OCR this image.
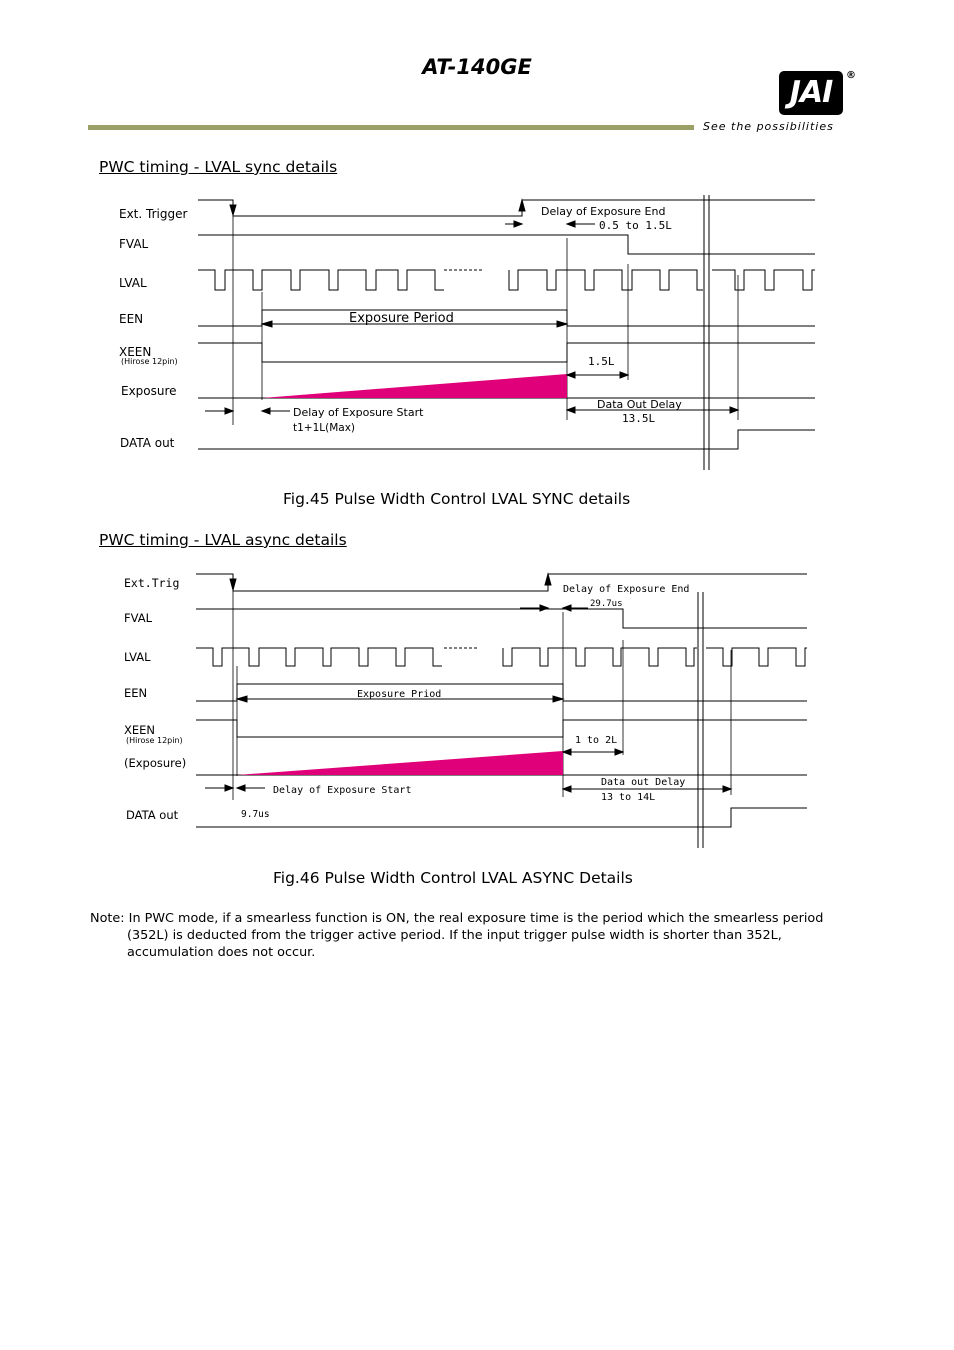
AT-140GE
JAI	®
See the possibilities
PWC timing - LVAL sync details
Ext. Trigger
FVAL
LVAL
EEN
XEEN
Exposure
DATA out
(Hirose 12pin)
Exposure Period
Delay of Exposure End
0.5 to 1.5L
1.5L
Delay of Exposure Start
t1+1L(Max)
Data Out Delay
13.5L
Fig.45 Pulse Width Control LVAL SYNC details
PWC timing - LVAL async details
Ext.Trig
FVAL
LVAL
EEN
XEEN
(Exposure)
DATA out
(Hirose 12pin)
Exposure Priod
Delay of Exposure End
29.7us
1 to 2L
Delay of Exposure Start
9.7us
Data out Delay
13 to 14L
Fig.46 Pulse Width Control LVAL ASYNC Details
Note: In PWC mode, if a smearless function is ON, the real exposure time is the period which the smearless period
(352L) is deducted from the trigger active period. If the input trigger pulse width is shorter than 352L,
accumulation does not occur.
